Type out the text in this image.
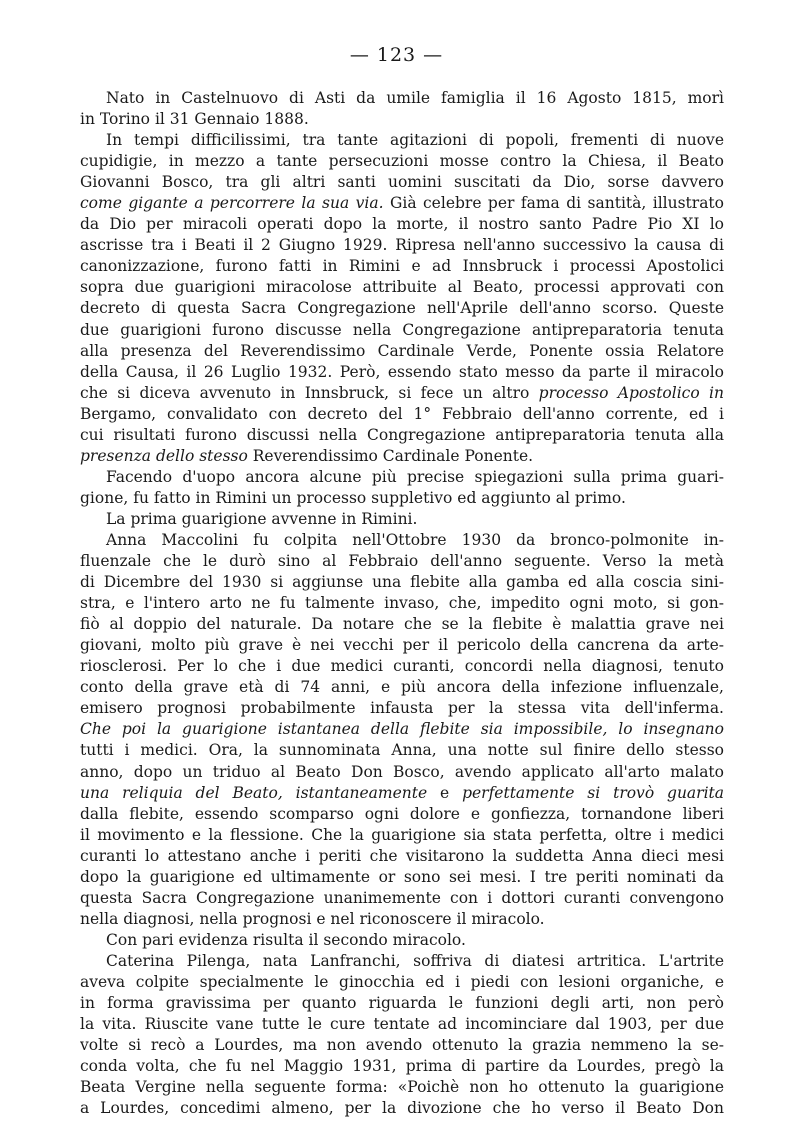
— 123 —
Nato in Castelnuovo di Asti da umile famiglia il 16 Agosto 1815, morì
in Torino il 31 Gennaio 1888.
In tempi difficilissimi, tra tante agitazioni di popoli, frementi di nuove
cupidigie, in mezzo a tante persecuzioni mosse contro la Chiesa, il Beato
Giovanni Bosco, tra gli altri santi uomini suscitati da Dio, sorse davvero
come gigante a percorrere la sua via. Già celebre per fama di santità, illustrato
da Dio per miracoli operati dopo la morte, il nostro santo Padre Pio XI lo
ascrisse tra i Beati il 2 Giugno 1929. Ripresa nell'anno successivo la causa di
canonizzazione, furono fatti in Rimini e ad Innsbruck i processi Apostolici
sopra due guarigioni miracolose attribuite al Beato, processi approvati con
decreto di questa Sacra Congregazione nell'Aprile dell'anno scorso. Queste
due guarigioni furono discusse nella Congregazione antipreparatoria tenuta
alla presenza del Reverendissimo Cardinale Verde, Ponente ossia Relatore
della Causa, il 26 Luglio 1932. Però, essendo stato messo da parte il miracolo
che si diceva avvenuto in Innsbruck, si fece un altro processo Apostolico in
Bergamo, convalidato con decreto del 1° Febbraio dell'anno corrente, ed i
cui risultati furono discussi nella Congregazione antipreparatoria tenuta alla
presenza dello stesso Reverendissimo Cardinale Ponente.
Facendo d'uopo ancora alcune più precise spiegazioni sulla prima guari-
gione, fu fatto in Rimini un processo suppletivo ed aggiunto al primo.
La prima guarigione avvenne in Rimini.
Anna Maccolini fu colpita nell'Ottobre 1930 da bronco-polmonite in-
fluenzale che le durò sino al Febbraio dell'anno seguente. Verso la metà
di Dicembre del 1930 si aggiunse una flebite alla gamba ed alla coscia sini-
stra, e l'intero arto ne fu talmente invaso, che, impedito ogni moto, si gon-
fiò al doppio del naturale. Da notare che se la flebite è malattia grave nei
giovani, molto più grave è nei vecchi per il pericolo della cancrena da arte-
riosclerosi. Per lo che i due medici curanti, concordi nella diagnosi, tenuto
conto della grave età di 74 anni, e più ancora della infezione influenzale,
emisero prognosi probabilmente infausta per la stessa vita dell'inferma.
Che poi la guarigione istantanea della flebite sia impossibile, lo insegnano
tutti i medici. Ora, la sunnominata Anna, una notte sul finire dello stesso
anno, dopo un triduo al Beato Don Bosco, avendo applicato all'arto malato
una reliquia del Beato, istantaneamente e perfettamente si trovò guarita
dalla flebite, essendo scomparso ogni dolore e gonfiezza, tornandone liberi
il movimento e la flessione. Che la guarigione sia stata perfetta, oltre i medici
curanti lo attestano anche i periti che visitarono la suddetta Anna dieci mesi
dopo la guarigione ed ultimamente or sono sei mesi. I tre periti nominati da
questa Sacra Congregazione unanimemente con i dottori curanti convengono
nella diagnosi, nella prognosi e nel riconoscere il miracolo.
Con pari evidenza risulta il secondo miracolo.
Caterina Pilenga, nata Lanfranchi, soffriva di diatesi artritica. L'artrite
aveva colpite specialmente le ginocchia ed i piedi con lesioni organiche, e
in forma gravissima per quanto riguarda le funzioni degli arti, non però
la vita. Riuscite vane tutte le cure tentate ad incominciare dal 1903, per due
volte si recò a Lourdes, ma non avendo ottenuto la grazia nemmeno la se-
conda volta, che fu nel Maggio 1931, prima di partire da Lourdes, pregò la
Beata Vergine nella seguente forma: «Poichè non ho ottenuto la guarigione
a Lourdes, concedimi almeno, per la divozione che ho verso il Beato Don
